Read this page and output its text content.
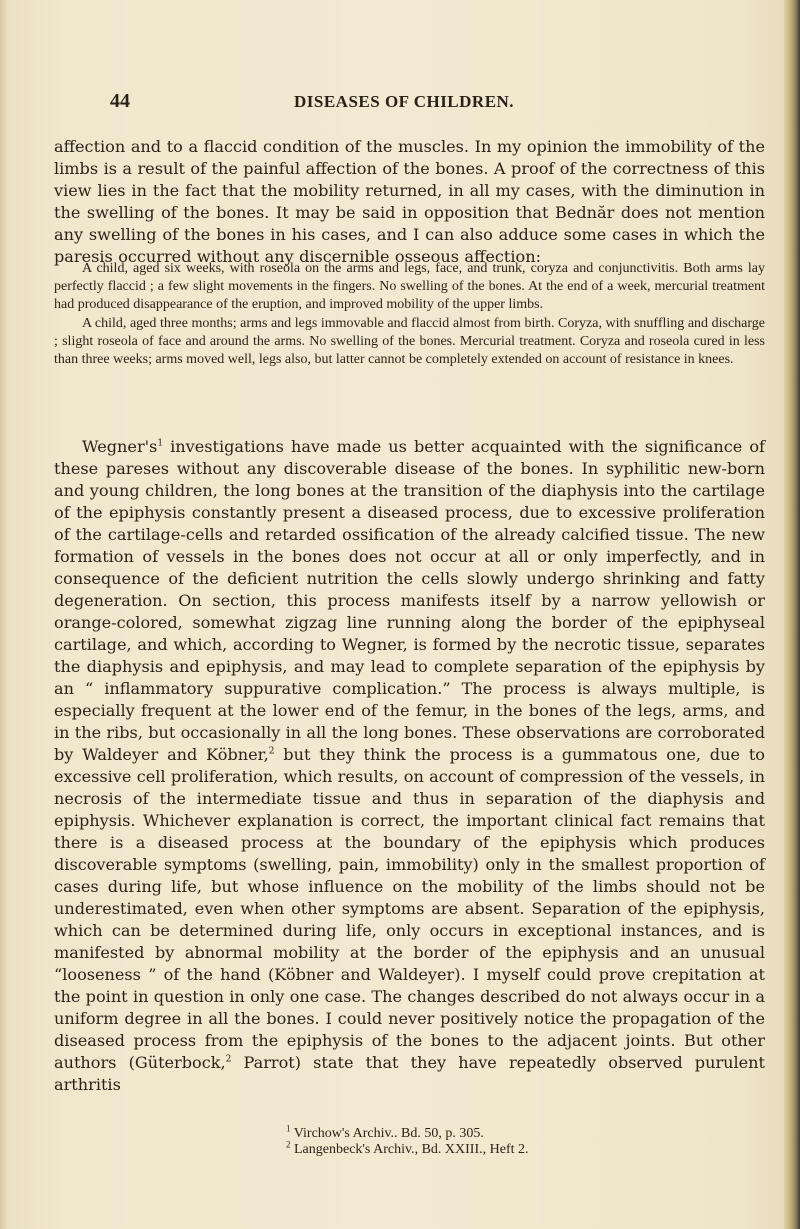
44	DISEASES OF CHILDREN.

affection and to a flaccid condition of the muscles. In my opinion the immobility of the limbs is a result of the painful affection of the bones. A proof of the correctness of this view lies in the fact that the mobility returned, in all my cases, with the diminution in the swelling of the bones. It may be said in opposition that Bednăr does not mention any swelling of the bones in his cases, and I can also adduce some cases in which the paresis occurred without any discernible osseous affection:

A child, aged six weeks, with roseola on the arms and legs, face, and trunk, coryza and conjunctivitis. Both arms lay perfectly flaccid ; a few slight movements in the fingers. No swelling of the bones. At the end of a week, mercurial treatment had produced disappearance of the eruption, and improved mobility of the upper limbs.

A child, aged three months; arms and legs immovable and flaccid almost from birth. Coryza, with snuffling and discharge ; slight roseola of face and around the arms. No swelling of the bones. Mercurial treatment. Coryza and roseola cured in less than three weeks; arms moved well, legs also, but latter cannot be completely extended on account of resistance in knees.

$Wegner's^1$ investigations have made us better acquainted with the significance of these pareses without any discoverable disease of the bones. In syphilitic new-born and young children, the long bones at the transition of the diaphysis into the cartilage of the epiphysis constantly present a diseased process, due to excessive proliferation of the cartilage-cells and retarded ossification of the already calcified tissue. The new formation of vessels in the bones does not occur at all or only imperfectly, and in consequence of the deficient nutrition the cells slowly undergo shrinking and fatty degeneration. On section, this process manifests itself by a narrow yellowish or orange-colored, somewhat zigzag line running along the border of the epiphyseal cartilage, and which, according to Wegner, is formed by the necrotic tissue, separates the diaphysis and epiphysis, and may lead to complete separation of the epiphysis by an “ inflammatory suppurative complication.” The process is always multiple, is especially frequent at the lower end of the femur, in the bones of the legs, arms, and in the ribs, but occasionally in all the long bones. These observations are corroborated by Waldeyer and Köbner,$^2$ but they think the process is a gummatous one, due to excessive cell proliferation, which results, on account of compression of the vessels, in necrosis of the intermediate tissue and thus in separation of the diaphysis and epiphysis. Whichever explanation is correct, the important clinical fact remains that there is a diseased process at the boundary of the epiphysis which produces discoverable symptoms (swelling, pain, immobility) only in the smallest proportion of cases during life, but whose influence on the mobility of the limbs should not be underestimated, even when other symptoms are absent. Separation of the epiphysis, which can be determined during life, only occurs in exceptional instances, and is manifested by abnormal mobility at the border of the epiphysis and an unusual “looseness ” of the hand (Köbner and Waldeyer). I myself could prove crepitation at the point in question in only one case. The changes described do not always occur in a uniform degree in all the bones. I could never positively notice the propagation of the diseased process from the epiphysis of the bones to the adjacent joints. But other authors (Güterbock,$^2$ Parrot) state that they have repeatedly observed purulent arthritis

$^1$ Virchow's Archiv.. Bd. 50, p. 305.

$^2$ Langenbeck's Archiv., Bd. XXIII., Heft 2.
